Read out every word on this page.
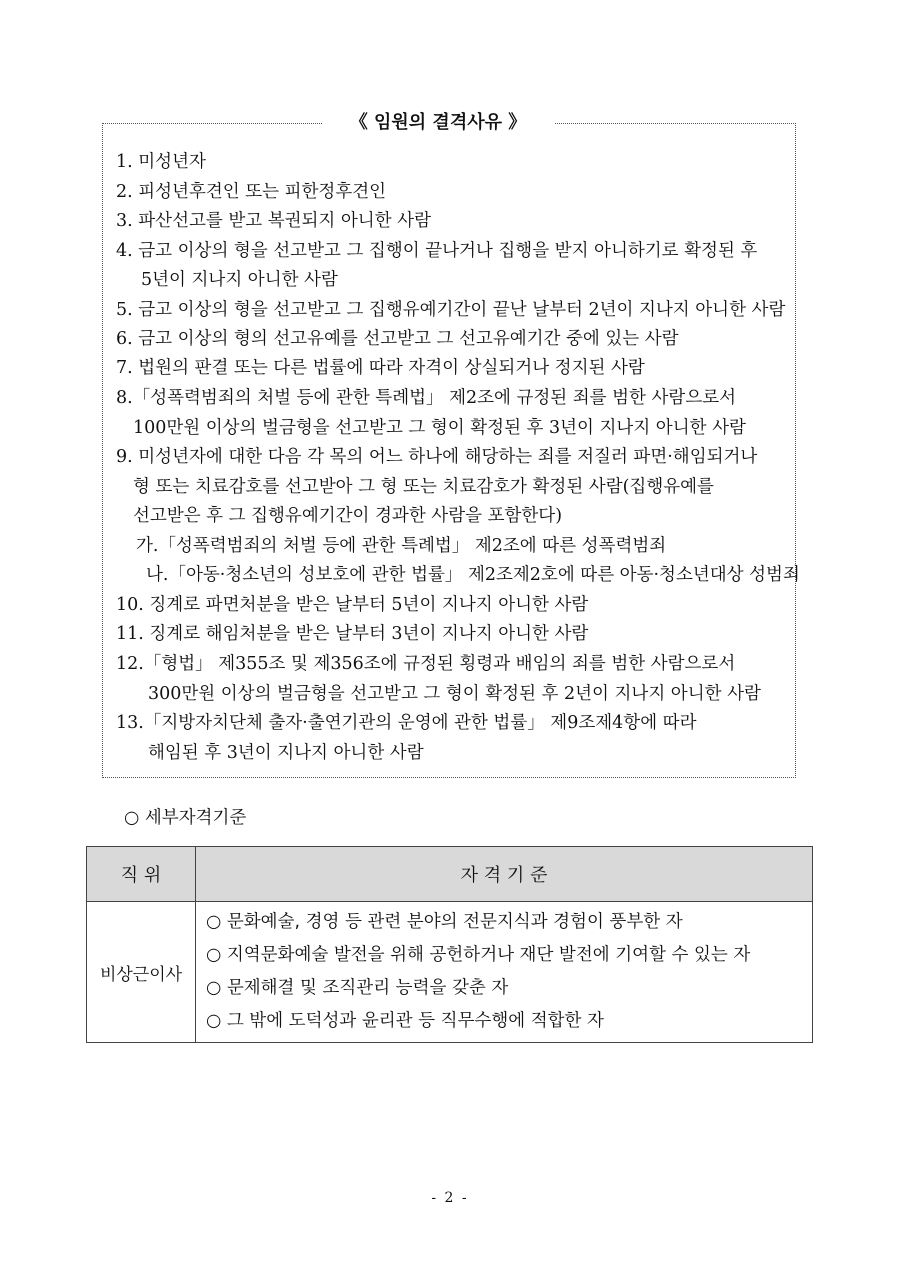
《 임원의 결격사유 》
1. 미성년자
2. 피성년후견인 또는 피한정후견인
3. 파산선고를 받고 복권되지 아니한 사람
4. 금고 이상의 형을 선고받고 그 집행이 끝나거나 집행을 받지 아니하기로 확정된 후
5년이 지나지 아니한 사람
5. 금고 이상의 형을 선고받고 그 집행유예기간이 끝난 날부터 2년이 지나지 아니한 사람
6. 금고 이상의 형의 선고유예를 선고받고 그 선고유예기간 중에 있는 사람
7. 법원의 판결 또는 다른 법률에 따라 자격이 상실되거나 정지된 사람
8.「성폭력범죄의 처벌 등에 관한 특례법」 제2조에 규정된 죄를 범한 사람으로서
100만원 이상의 벌금형을 선고받고 그 형이 확정된 후 3년이 지나지 아니한 사람
9. 미성년자에 대한 다음 각 목의 어느 하나에 해당하는 죄를 저질러 파면·해임되거나
형 또는 치료감호를 선고받아 그 형 또는 치료감호가 확정된 사람(집행유예를
선고받은 후 그 집행유예기간이 경과한 사람을 포함한다)
가.「성폭력범죄의 처벌 등에 관한 특례법」 제2조에 따른 성폭력범죄
나.「아동·청소년의 성보호에 관한 법률」 제2조제2호에 따른 아동·청소년대상 성범죄
10. 징계로 파면처분을 받은 날부터 5년이 지나지 아니한 사람
11. 징계로 해임처분을 받은 날부터 3년이 지나지 아니한 사람
12.「형법」 제355조 및 제356조에 규정된 횡령과 배임의 죄를 범한 사람으로서
300만원 이상의 벌금형을 선고받고 그 형이 확정된 후 2년이 지나지 아니한 사람
13.「지방자치단체 출자·출연기관의 운영에 관한 법률」 제9조제4항에 따라
해임된 후 3년이 지나지 아니한 사람
○ 세부자격기준
직 위	자 격 기 준
비상근이사	○ 문화예술, 경영 등 관련 분야의 전문지식과 경험이 풍부한 자
○ 지역문화예술 발전을 위해 공헌하거나 재단 발전에 기여할 수 있는 자
○ 문제해결 및 조직관리 능력을 갖춘 자
○ 그 밖에 도덕성과 윤리관 등 직무수행에 적합한 자
- 2 -
